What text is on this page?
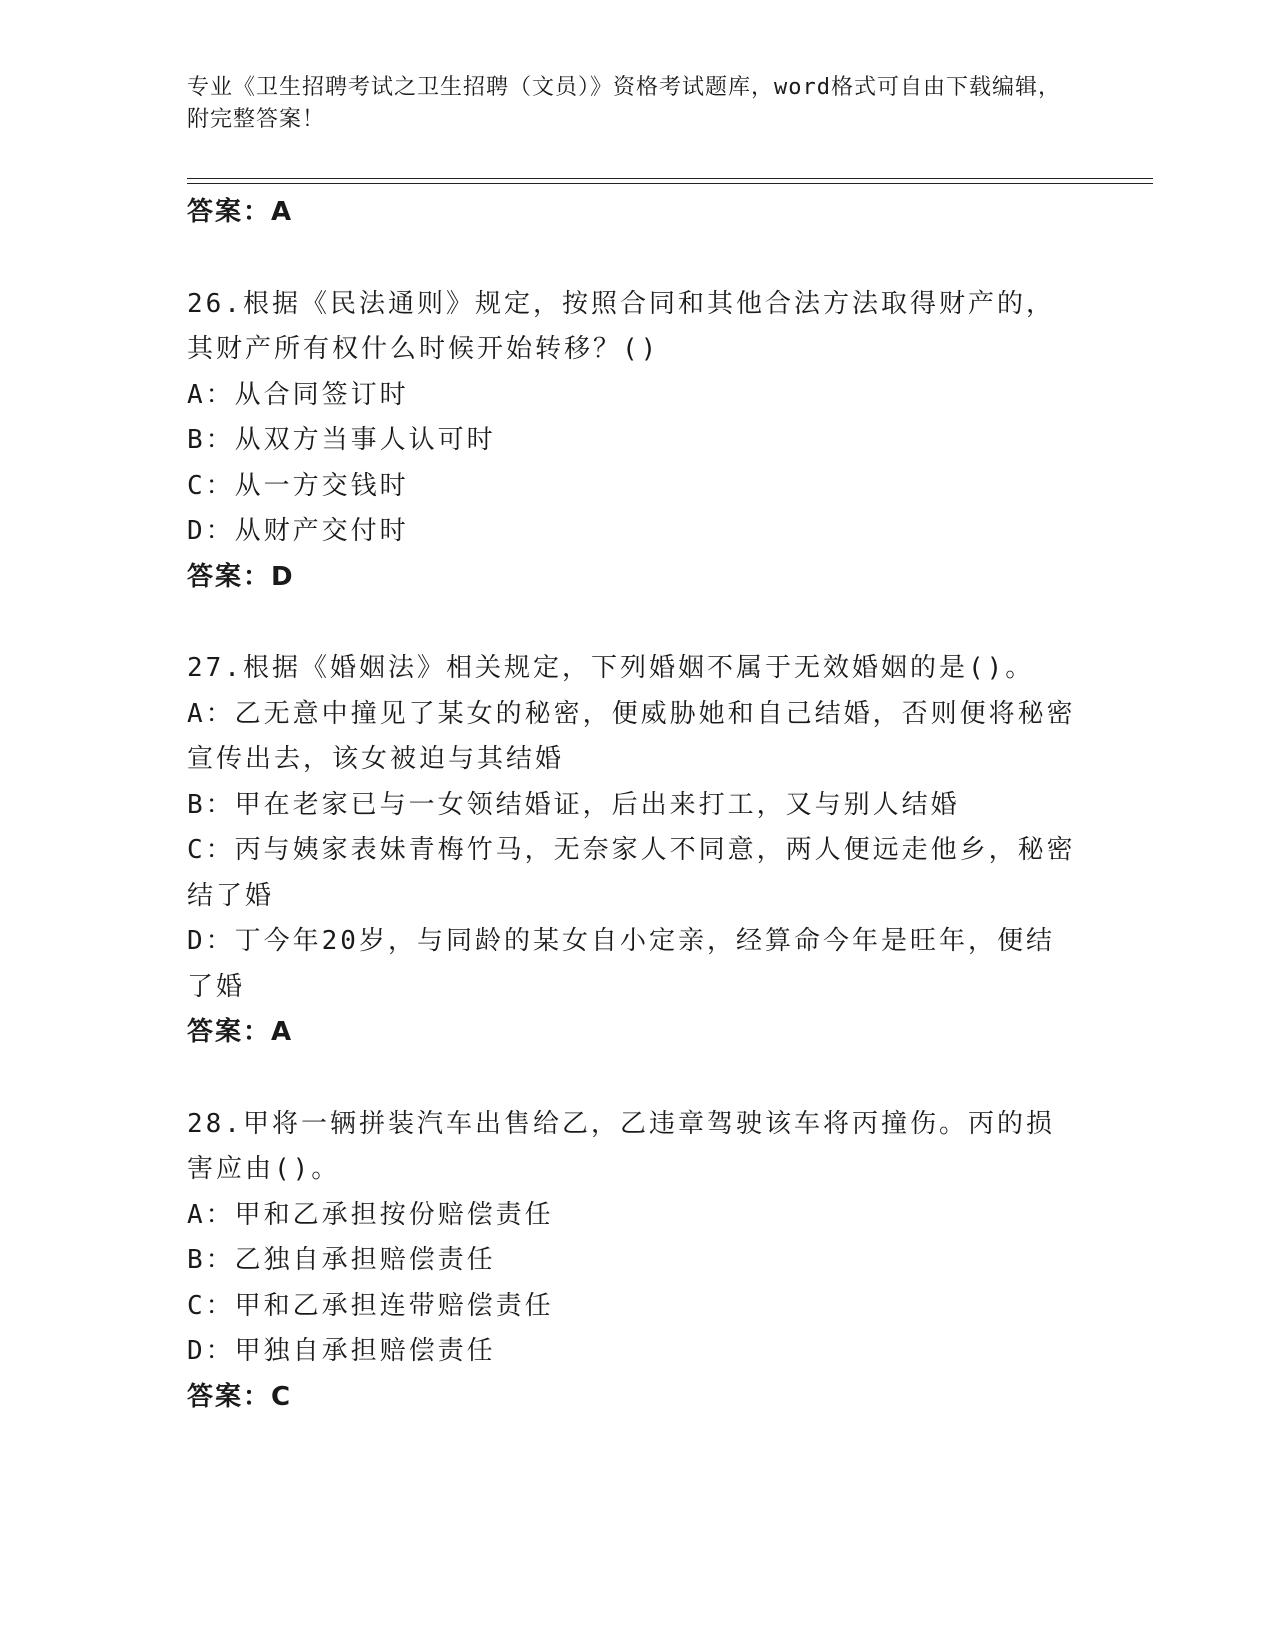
专业《卫生招聘考试之卫生招聘（文员）》资格考试题库，word格式可自由下载编辑，附完整答案！
答案：A
26.根据《民法通则》规定，按照合同和其他合法方法取得财产的，其财产所有权什么时候开始转移？()
A：从合同签订时
B：从双方当事人认可时
C：从一方交钱时
D：从财产交付时
答案：D
27.根据《婚姻法》相关规定，下列婚姻不属于无效婚姻的是()。
A：乙无意中撞见了某女的秘密，便威胁她和自己结婚，否则便将秘密宣传出去，该女被迫与其结婚
B：甲在老家已与一女领结婚证，后出来打工，又与别人结婚
C：丙与姨家表妹青梅竹马，无奈家人不同意，两人便远走他乡，秘密结了婚
D：丁今年20岁，与同龄的某女自小定亲，经算命今年是旺年，便结了婚
答案：A
28.甲将一辆拼装汽车出售给乙，乙违章驾驶该车将丙撞伤。丙的损害应由()。
A：甲和乙承担按份赔偿责任
B：乙独自承担赔偿责任
C：甲和乙承担连带赔偿责任
D：甲独自承担赔偿责任
答案：C
